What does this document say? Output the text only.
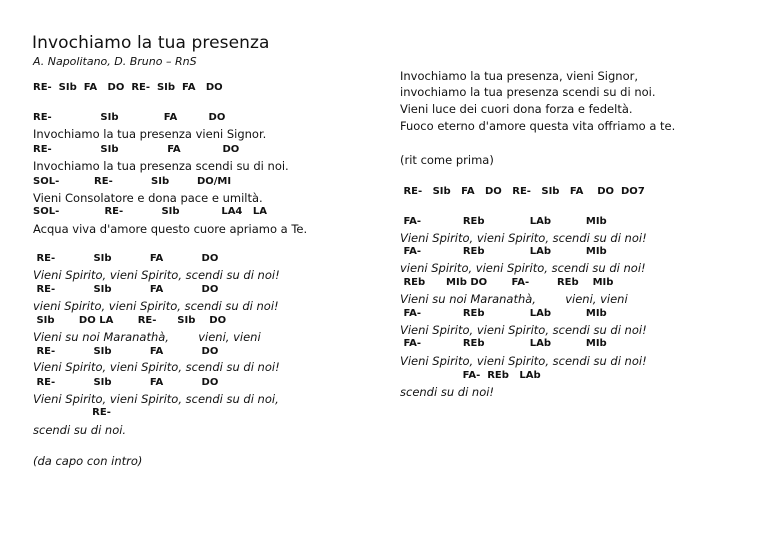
Invochiamo la tua presenza

A. Napolitano, D. Bruno – RnS

RE-  SIb  FA   DO  RE-  SIb  FA   DO
RE-              SIb             FA         DO
Invochiamo la tua presenza vieni Signor.
RE-              SIb              FA            DO
Invochiamo la tua presenza scendi su di noi.
SOL-          RE-           SIb        DO/MI
Vieni Consolatore e dona pace e umiltà.
SOL-             RE-           SIb            LA4   LA
Acqua viva d'amore questo cuore apriamo a Te.
RE-           SIb           FA           DO
Vieni Spirito, vieni Spirito, scendi su di noi!
RE-           SIb           FA           DO
vieni Spirito, vieni Spirito, scendi su di noi!
SIb       DO LA       RE-      SIb    DO
Vieni su noi Maranathà,        vieni, vieni
RE-           SIb           FA           DO
Vieni Spirito, vieni Spirito, scendi su di noi!
RE-           SIb           FA           DO
Vieni Spirito, vieni Spirito, scendi su di noi,
RE-
scendi su di noi.
(da capo con intro)
Invochiamo la tua presenza, vieni Signor,
invochiamo la tua presenza scendi su di noi.
Vieni luce dei cuori dona forza e fedeltà.
Fuoco eterno d'amore questa vita offriamo a te.
(rit come prima)
RE-   SIb   FA   DO   RE-   SIb   FA    DO  DO7
FA-            REb             LAb          MIb
Vieni Spirito, vieni Spirito, scendi su di noi!
FA-            REb             LAb          MIb
vieni Spirito, vieni Spirito, scendi su di noi!
REb      MIb DO       FA-        REb    MIb
Vieni su noi Maranathà,        vieni, vieni
FA-            REb             LAb          MIb
Vieni Spirito, vieni Spirito, scendi su di noi!
FA-            REb             LAb          MIb
Vieni Spirito, vieni Spirito, scendi su di noi!
FA-  REb   LAb
scendi su di noi!
